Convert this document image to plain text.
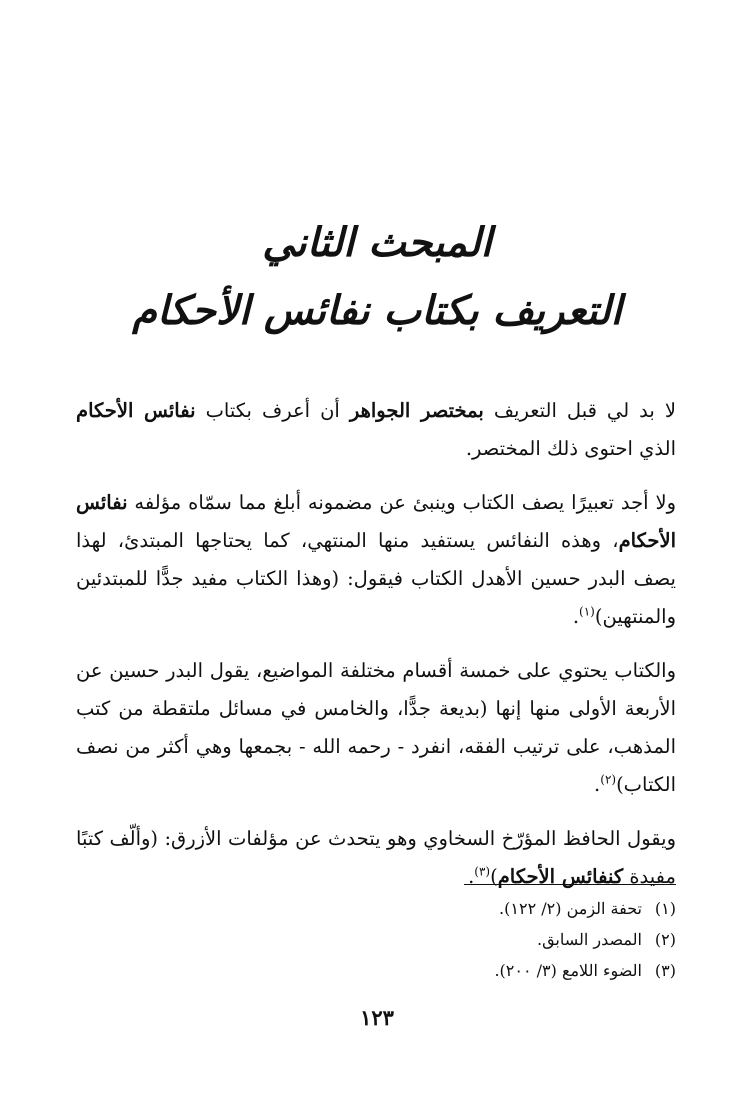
المبحث الثاني
التعريف بكتاب نفائس الأحكام

لا بد لي قبل التعريف بمختصر الجواهر أن أعرف بكتاب نفائس الأحكام الذي احتوى ذلك المختصر.

ولا أجد تعبيرًا يصف الكتاب وينبئ عن مضمونه أبلغ مما سمّاه مؤلفه نفائس الأحكام، وهذه النفائس يستفيد منها المنتهي، كما يحتاجها المبتدئ، لهذا يصف البدر حسين الأهدل الكتاب فيقول: (وهذا الكتاب مفيد جدًّا للمبتدئين والمنتهين)$^{(١)}$.

والكتاب يحتوي على خمسة أقسام مختلفة المواضيع، يقول البدر حسين عن الأربعة الأولى منها إنها (بديعة جدًّا، والخامس في مسائل ملتقطة من كتب المذهب، على ترتيب الفقه، انفرد - رحمه الله - بجمعها وهي أكثر من نصف الكتاب)$^{(٢)}$.

ويقول الحافظ المؤرّخ السخاوي وهو يتحدث عن مؤلفات الأزرق: (وألّف كتبًا مفيدة كنفائس الأحكام)$^{(٣)}$.

(١)تحفة الزمن (٢/ ١٢٢).
(٢)المصدر السابق.
(٣)الضوء اللامع (٣/ ٢٠٠).
١٢٣
